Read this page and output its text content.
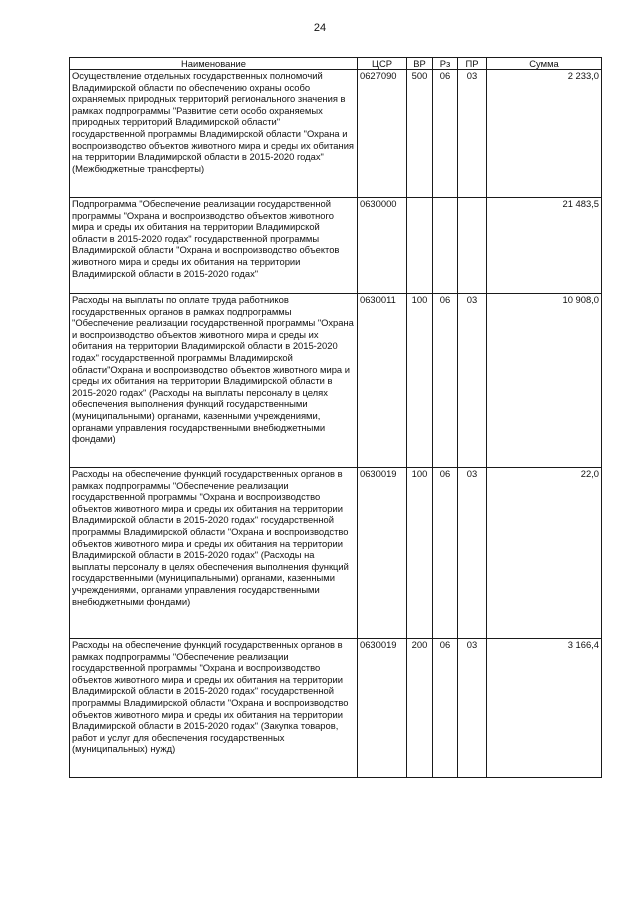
24
Наименование	ЦСР	ВР	Рз	ПР	Сумма
Осуществление отдельных государственных полномочий Владимирской области по обеспечению охраны особо охраняемых природных территорий регионального значения в рамках подпрограммы "Развитие сети особо охраняемых природных территорий Владимирской области" государственной программы Владимирской области "Охрана и воспроизводство объектов животного мира и среды их обитания на территории Владимирской области в 2015-2020 годах" (Межбюджетные трансферты)	0627090	500	06	03	2 233,0
Подпрограмма "Обеспечение реализации государственной программы "Охрана и воспроизводство объектов животного мира и среды их обитания на территории Владимирской области в 2015-2020 годах" государственной программы Владимирской области "Охрана и воспроизводство объектов животного мира и среды их обитания на территории Владимирской области в 2015-2020 годах"	0630000				21 483,5
Расходы на выплаты по оплате труда работников государственных органов в рамках подпрограммы "Обеспечение реализации государственной программы "Охрана и воспроизводство объектов животного мира и среды их обитания на территории Владимирской области в 2015-2020 годах" государственной программы Владимирской области"Охрана и воспроизводство объектов животного мира и среды их обитания на территории Владимирской области в 2015-2020 годах" (Расходы на выплаты персоналу в целях обеспечения выполнения функций государственными (муниципальными) органами, казенными учреждениями, органами управления государственными внебюджетными фондами)	0630011	100	06	03	10 908,0
Расходы на обеспечение функций государственных органов в рамках подпрограммы "Обеспечение реализации государственной программы "Охрана и воспроизводство объектов животного мира и среды их обитания на территории Владимирской области в 2015-2020 годах" государственной программы Владимирской области "Охрана и воспроизводство объектов животного мира и среды их обитания на территории Владимирской области в 2015-2020 годах" (Расходы на выплаты персоналу в целях обеспечения выполнения функций государственными (муниципальными) органами, казенными учреждениями, органами управления государственными внебюджетными фондами)	0630019	100	06	03	22,0
Расходы на обеспечение функций государственных органов в рамках подпрограммы "Обеспечение реализации государственной программы "Охрана и воспроизводство объектов животного мира и среды их обитания на территории Владимирской области в 2015-2020 годах" государственной программы Владимирской области "Охрана и воспроизводство объектов животного мира и среды их обитания на территории Владимирской области в 2015-2020 годах" (Закупка товаров, работ и услуг для обеспечения государственных (муниципальных) нужд)	0630019	200	06	03	3 166,4
